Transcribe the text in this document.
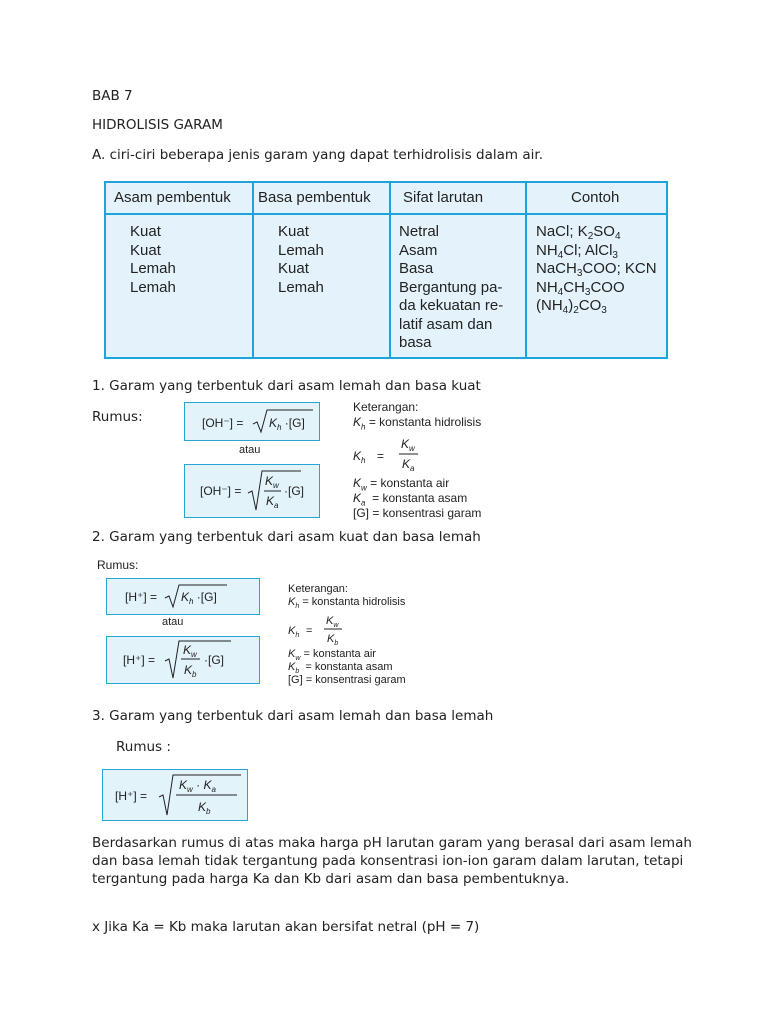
BAB 7
HIDROLISIS GARAM
A. ciri-ciri beberapa jenis garam yang dapat terhidrolisis dalam air.
Asam pembentuk Basa pembentuk Sifat larutan	Contoh
Kuat
Kuat
Lemah
Lemah
Kuat
Lemah
Kuat
Lemah
Netral
Asam
Basa
Bergantung pa-
da kekuatan re-
latif asam dan
basa
NaCl; $K_2SO_4$
$NH_4Cl$; AlCl$_3$
NaCH$_3$COO; KCN
$NH_4CH_3COO$
$(NH_4)_2CO_3$
1. Garam yang terbentuk dari asam lemah dan basa kuat
Rumus:	$[OH^-] = K_h \cdot[G]$
atau
[OH⁻] =
$K_w$
$K_a$
·[G]
Keterangan:
$K_h$ = konstanta hidrolisis
$K_h$ =
$K_w$
$K_a$
$K_w$ = konstanta air
$K_a$ = konstanta asam
[G] = konsentrasi garam
2. Garam yang terbentuk dari asam kuat dan basa lemah
Rumus:
$[H^+] = K_h \cdot[G]$
atau
[H⁺] =
$K_w$
$K_b$
·[G]
Keterangan:
$K_h$ = konstanta hidrolisis
$K_h$ =
$K_w$
$K_b$
$K_w$ = konstanta air
$K_b$ = konstanta asam
[G] = konsentrasi garam
3. Garam yang terbentuk dari asam lemah dan basa lemah
Rumus :
[H⁺] =
$K_w \cdot K_a$
$K_b$
Berdasarkan rumus di atas maka harga pH larutan garam yang berasal dari asam lemah dan basa lemah tidak tergantung pada konsentrasi ion-ion garam dalam larutan, tetapi tergantung pada harga Ka dan Kb dari asam dan basa pembentuknya.
x Jika Ka = Kb maka larutan akan bersifat netral (pH = 7)
